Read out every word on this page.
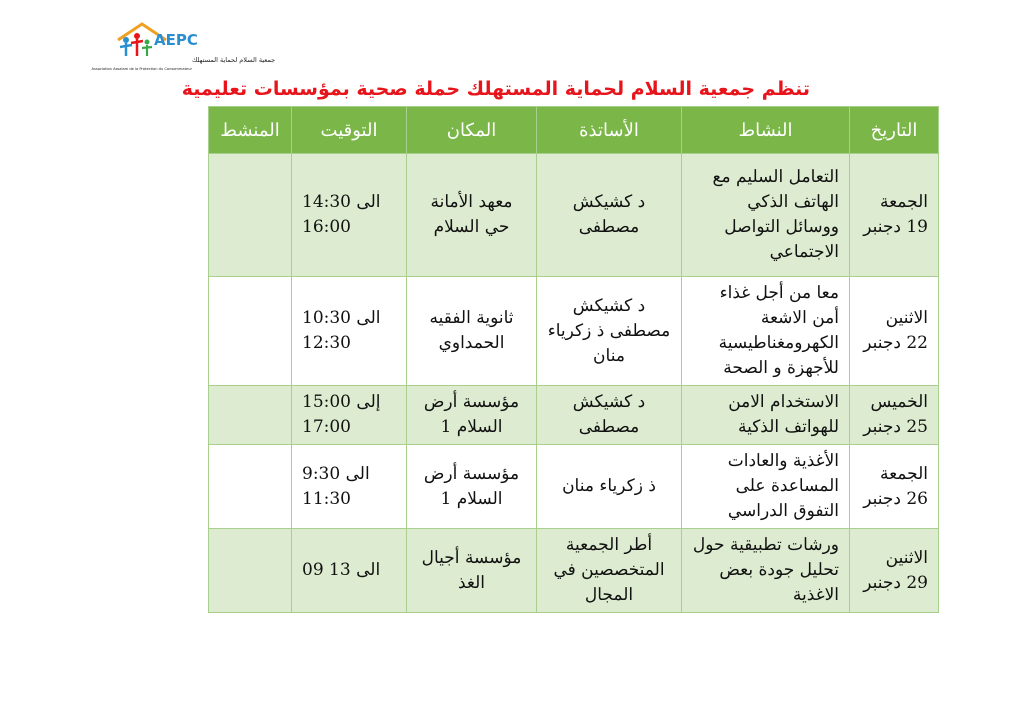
AEPC
جمعية السلام لحماية المستهلك
Association Assalam de la Protection du Consommateur
تنظم جمعية السلام لحماية المستهلك حملة صحية بمؤسسات تعليمية
التاريخ	النشاط	الأساتذة	المكان	التوقيت	المنشط
الجمعة 19 دجنبر	التعامل السليم مع الهاتف الذكي ووسائل التواصل الاجتماعي	د كشيكش مصطفى	معهد الأمانة حي السلام	14:30 الى 16:00	
الاثنين 22 دجنبر	معا من أجل غذاء أمن الاشعة الكهرومغناطيسية للأجهزة و الصحة	د كشيكش مصطفى ذ زكرياء منان	ثانوية الفقيه الحمداوي	10:30 الى 12:30	
الخميس 25 دجنبر	الاستخدام الامن للهواتف الذكية	د كشيكش مصطفى	مؤسسة أرض السلام 1	15:00 إلى 17:00	
الجمعة 26 دجنبر	الأغذية والعادات المساعدة على التفوق الدراسي	ذ زكرياء منان	مؤسسة أرض السلام 1	9:30 الى 11:30	
الاثنين 29 دجنبر	ورشات تطبيقية حول تحليل جودة بعض الاغذية	أطر الجمعية المتخصصين في المجال	مؤسسة أجيال الغذ	09 الى 13	
